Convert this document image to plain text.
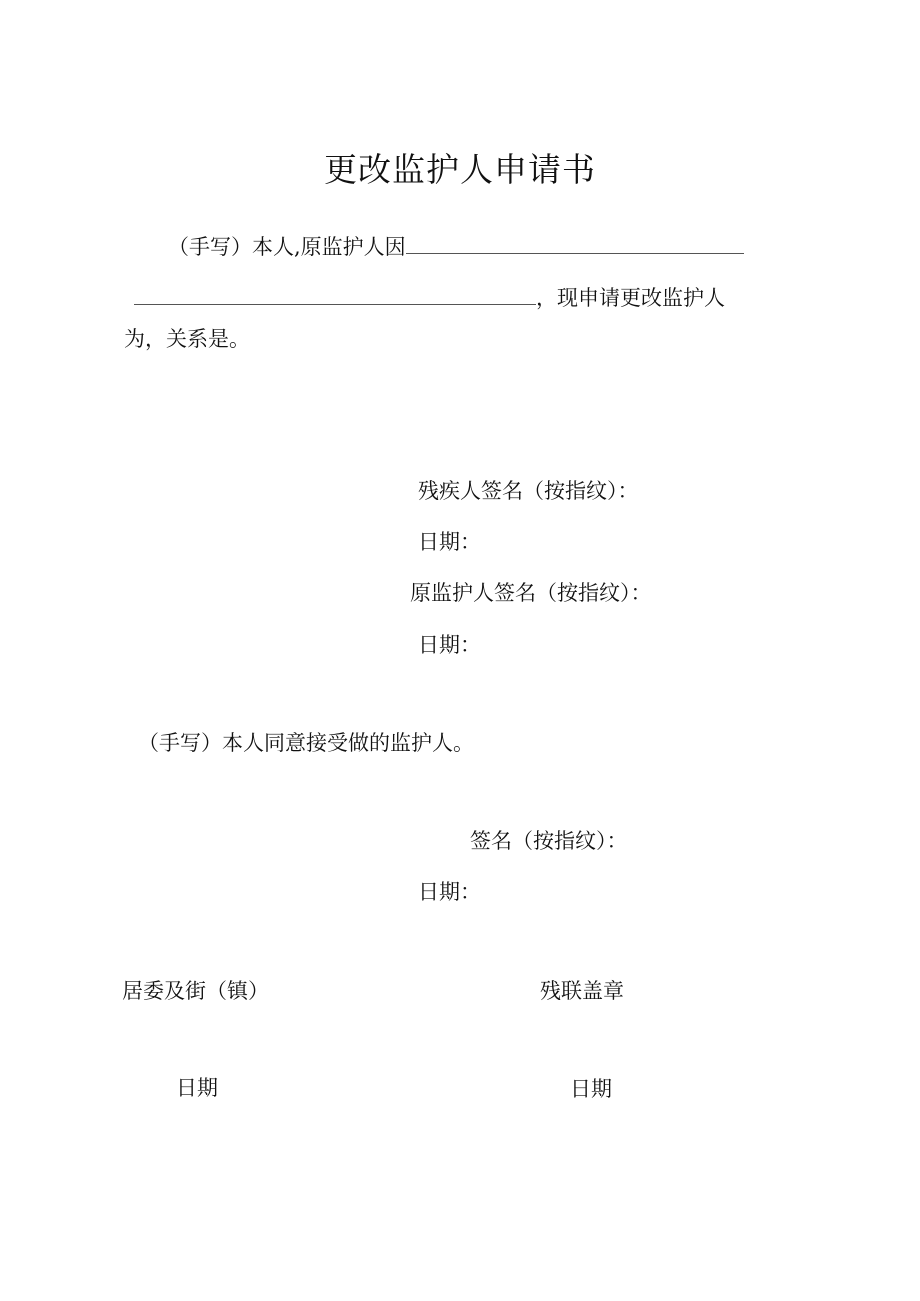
更改监护人申请书
（手写）本人,原监护人因
，现申请更改监护人
为，关系是。
残疾人签名（按指纹）：
日期：
原监护人签名（按指纹）：
日期：
（手写）本人同意接受做的监护人。
签名（按指纹）：
日期：
居委及街（镇）	残联盖章
日期	日期
